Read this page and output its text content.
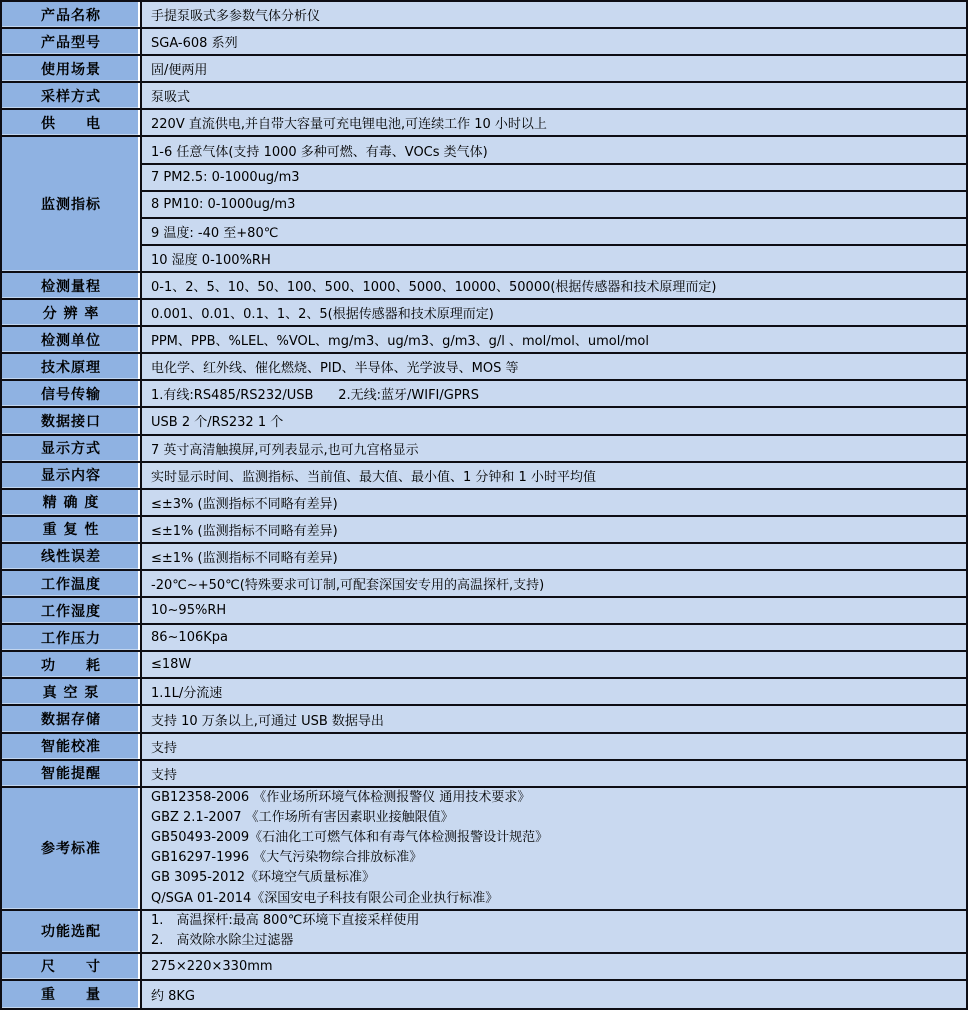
产品名称	手提泵吸式多参数气体分析仪
产品型号	SGA-608 系列
使用场景	固/便两用
采样方式	泵吸式
供　　电	220V 直流供电,并自带大容量可充电锂电池,可连续工作 10 小时以上
监测指标
1-6 任意气体(支持 1000 多种可燃、有毒、VOCs 类气体)
7 PM2.5: 0-1000ug/m3
8 PM10: 0-1000ug/m3
9 温度: -40 至+80℃
10 湿度 0-100%RH
检测量程	0-1、2、5、10、50、100、500、1000、5000、10000、50000(根据传感器和技术原理而定)
分 辨 率	0.001、0.01、0.1、1、2、5(根据传感器和技术原理而定)
检测单位	PPM、PPB、%LEL、%VOL、mg/m3、ug/m3、g/m3、g/l 、mol/mol、umol/mol
技术原理	电化学、红外线、催化燃烧、PID、半导体、光学波导、MOS 等
信号传输	1.有线:RS485/RS232/USB      2.无线:蓝牙/WIFI/GPRS
数据接口	USB 2 个/RS232 1 个
显示方式	7 英寸高清触摸屏,可列表显示,也可九宫格显示
显示内容	实时显示时间、监测指标、当前值、最大值、最小值、1 分钟和 1 小时平均值
精 确 度	≤±3% (监测指标不同略有差异)
重 复 性	≤±1% (监测指标不同略有差异)
线性误差	≤±1% (监测指标不同略有差异)
工作温度	-20℃~+50℃(特殊要求可订制,可配套深国安专用的高温探杆,支持)
工作湿度	10~95%RH
工作压力	86~106Kpa
功　　耗	≤18W
真 空 泵	1.1L/分流速
数据存储	支持 10 万条以上,可通过 USB 数据导出
智能校准	支持
智能提醒	支持
参考标准
GB12358-2006 《作业场所环境气体检测报警仪 通用技术要求》
GBZ 2.1-2007 《工作场所有害因素职业接触限值》
GB50493-2009《石油化工可燃气体和有毒气体检测报警设计规范》
GB16297-1996 《大气污染物综合排放标准》
GB 3095-2012《环境空气质量标准》
Q/SGA 01-2014《深国安电子科技有限公司企业执行标准》
功能选配
1.　高温探杆:最高 800℃环境下直接采样使用
2.　高效除水除尘过滤器
尺　　寸	275×220×330mm
重　　量	约 8KG
